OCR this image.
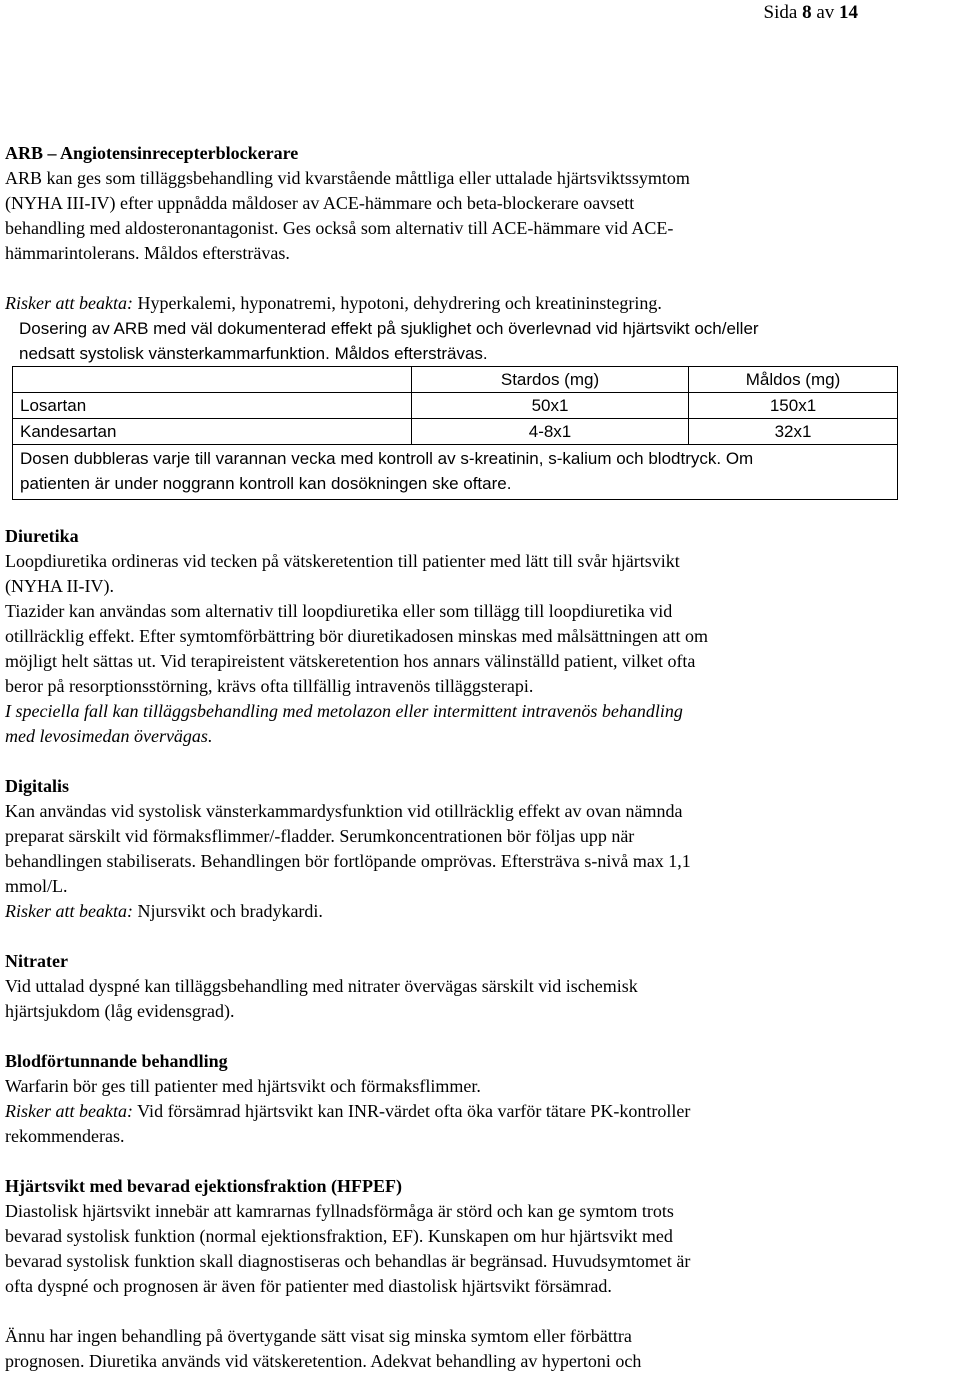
Sida 8 av 14

ARB – Angiotensinrecepterblockerare

ARB kan ges som tilläggsbehandling vid kvarstående måttliga eller uttalade hjärtsviktssymtom

(NYHA III-IV) efter uppnådda måldoser av ACE-hämmare och beta-blockerare oavsett

behandling med aldosteronantagonist. Ges också som alternativ till ACE-hämmare vid ACE-

hämmarintolerans. Måldos eftersträvas.

Risker att beakta: Hyperkalemi, hyponatremi, hypotoni, dehydrering och kreatininstegring.

Dosering av ARB med väl dokumenterad effekt på sjuklighet och överlevnad vid hjärtsvikt och/eller

nedsatt systolisk vänsterkammarfunktion. Måldos eftersträvas.

	Stardos (mg)	Måldos (mg)
Losartan	50x1	150x1
Kandesartan	4-8x1	32x1

Dosen dubbleras varje till varannan vecka med kontroll av s-kreatinin, s-kalium och blodtryck. Om
patienten är under noggrann kontroll kan dosökningen ske oftare.		

Diuretika

Loopdiuretika ordineras vid tecken på vätskeretention till patienter med lätt till svår hjärtsvikt

(NYHA II-IV).

Tiazider kan användas som alternativ till loopdiuretika eller som tillägg till loopdiuretika vid

otillräcklig effekt. Efter symtomförbättring bör diuretikadosen minskas med målsättningen att om

möjligt helt sättas ut. Vid terapireistent vätskeretention hos annars välinställd patient, vilket ofta

beror på resorptionsstörning, krävs ofta tillfällig intravenös tilläggsterapi.

I speciella fall kan tilläggsbehandling med metolazon eller intermittent intravenös behandling

med levosimedan övervägas.

Digitalis

Kan användas vid systolisk vänsterkammardysfunktion vid otillräcklig effekt av ovan nämnda

preparat särskilt vid förmaksflimmer/-fladder. Serumkoncentrationen bör följas upp när

behandlingen stabiliserats. Behandlingen bör fortlöpande omprövas. Eftersträva s-nivå max 1,1

mmol/L.

Risker att beakta: Njursvikt och bradykardi.

Nitrater

Vid uttalad dyspné kan tilläggsbehandling med nitrater övervägas särskilt vid ischemisk

hjärtsjukdom (låg evidensgrad).

Blodförtunnande behandling

Warfarin bör ges till patienter med hjärtsvikt och förmaksflimmer.

Risker att beakta: Vid försämrad hjärtsvikt kan INR-värdet ofta öka varför tätare PK-kontroller

rekommenderas.

Hjärtsvikt med bevarad ejektionsfraktion (HFPEF)

Diastolisk hjärtsvikt innebär att kamrarnas fyllnadsförmåga är störd och kan ge symtom trots

bevarad systolisk funktion (normal ejektionsfraktion, EF). Kunskapen om hur hjärtsvikt med

bevarad systolisk funktion skall diagnostiseras och behandlas är begränsad. Huvudsymtomet är

ofta dyspné och prognosen är även för patienter med diastolisk hjärtsvikt försämrad.

Ännu har ingen behandling på övertygande sätt visat sig minska symtom eller förbättra

prognosen. Diuretika används vid vätskeretention. Adekvat behandling av hypertoni och
